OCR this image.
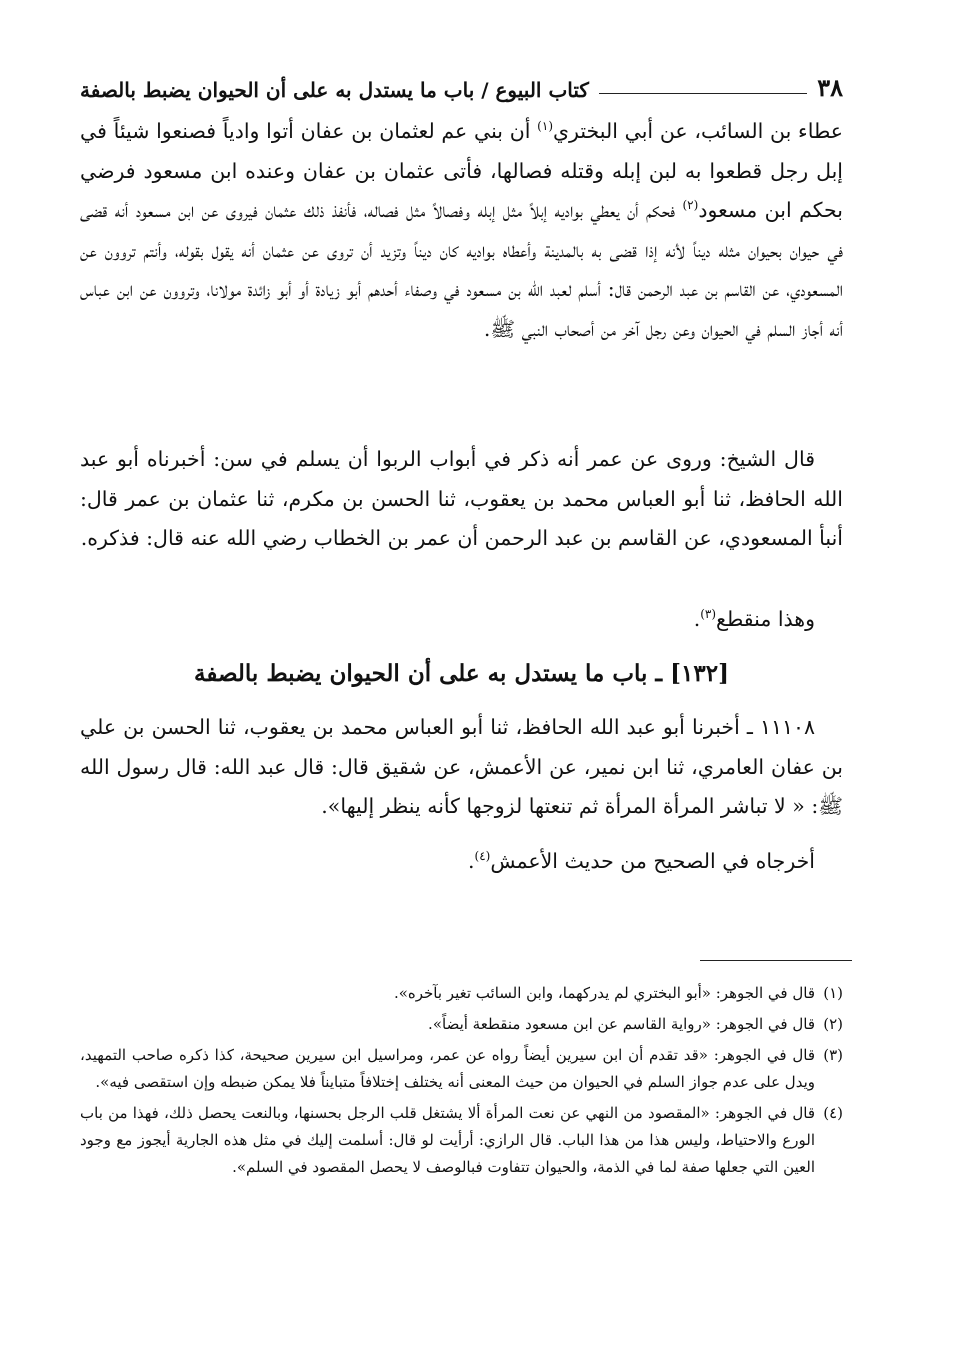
٣٨
كتاب البيوع / باب ما يستدل به على أن الحيوان يضبط بالصفة

عطاء بن السائب، عن أبي البختري$^{(١)}$ أن بني عم لعثمان بن عفان أتوا وادياً فصنعوا شيئاً في إبل رجل قطعوا به لبن إبله وقتله فصالها، فأتى عثمان بن عفان وعنده ابن مسعود فرضي بحكم ابن مسعود$^{(٢)}$ فحكم أن يعطي بواديه إبلاً مثل إبله وفصالاً مثل فصاله، فأنفذ ذلك عثمان فيروى عن ابن مسعود أنه قضى في حيوان بحيوان مثله ديناً لأنه إذا قضى به بالمدينة وأعطاه بواديه كان ديناً وتزيد أن تروى عن عثمان أنه يقول بقوله، وأنتم تروون عن المسعودي، عن القاسم بن عبد الرحمن قال: أسلم لعبد الله بن مسعود في وصفاء أحدهم أبو زيادة أو أبو زائدة مولانا، وتروون عن ابن عباس أنه أجاز السلم في الحيوان وعن رجل آخر من أصحاب النبي ﷺ.

قال الشيخ: وروى عن عمر أنه ذكر في أبواب الربوا أن يسلم في سن: أخبرناه أبو عبد الله الحافظ، ثنا أبو العباس محمد بن يعقوب، ثنا الحسن بن مكرم، ثنا عثمان بن عمر قال: أنبأ المسعودي، عن القاسم بن عبد الرحمن أن عمر بن الخطاب رضي الله عنه قال: فذكره.

وهذا منقطع$^{(٣)}$.

[١٣٢] ـ باب ما يستدل به على أن الحيوان يضبط بالصفة

١١١٠٨ ـ أخبرنا أبو عبد الله الحافظ، ثنا أبو العباس محمد بن يعقوب، ثنا الحسن بن علي بن عفان العامري، ثنا ابن نمير، عن الأعمش، عن شقيق قال: قال عبد الله: قال رسول الله ﷺ: « لا تباشر المرأة المرأة ثم تنعتها لزوجها كأنه ينظر إليها».

أخرجاه في الصحيح من حديث الأعمش$^{(٤)}$.

(١)قال في الجوهر: «أبو البختري لم يدركهما، وابن السائب تغير بآخره».

(٢)قال في الجوهر: «رواية القاسم عن ابن مسعود منقطعة أيضاً».

(٣)قال في الجوهر: «قد تقدم أن ابن سيرين أيضاً رواه عن عمر، ومراسيل ابن سيرين صحيحة، كذا ذكره صاحب التمهيد، ويدل على عدم جواز السلم في الحيوان من حيث المعنى أنه يختلف إختلافاً متبايناً فلا يمكن ضبطه وإن استقصى فيه».

(٤)قال في الجوهر: «المقصود من النهي عن نعت المرأة ألا يشتغل قلب الرجل بحسنها، وبالنعت يحصل ذلك، فهذا من باب الورع والاحتياط، وليس هذا من هذا الباب. قال الرازي: أرأيت لو قال: أسلمت إليك في مثل هذه الجارية أيجوز مع وجود العين التي جعلها صفة لما في الذمة، والحيوان تتفاوت فبالوصف لا يحصل المقصود في السلم».
